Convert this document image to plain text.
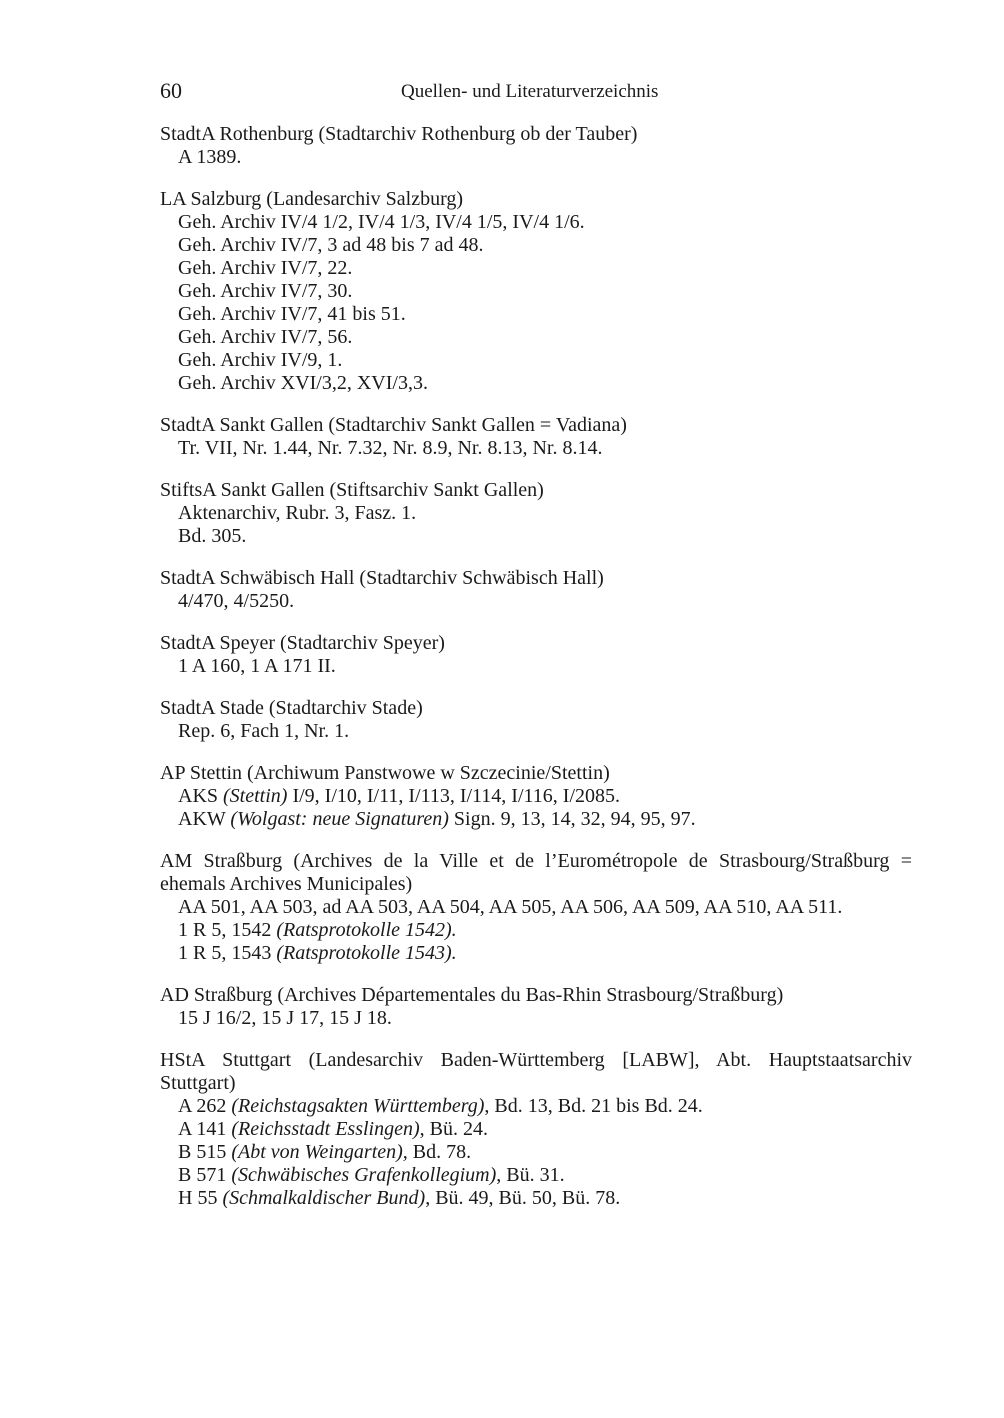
60	Quellen- und Literaturverzeichnis
StadtA Rothenburg (Stadtarchiv Rothenburg ob der Tauber)
A 1389.
LA Salzburg (Landesarchiv Salzburg)
Geh. Archiv IV/4 1/2, IV/4 1/3, IV/4 1/5, IV/4 1/6.
Geh. Archiv IV/7, 3 ad 48 bis 7 ad 48.
Geh. Archiv IV/7, 22.
Geh. Archiv IV/7, 30.
Geh. Archiv IV/7, 41 bis 51.
Geh. Archiv IV/7, 56.
Geh. Archiv IV/9, 1.
Geh. Archiv XVI/3,2, XVI/3,3.
StadtA Sankt Gallen (Stadtarchiv Sankt Gallen = Vadiana)
Tr. VII, Nr. 1.44, Nr. 7.32, Nr. 8.9, Nr. 8.13, Nr. 8.14.
StiftsA Sankt Gallen (Stiftsarchiv Sankt Gallen)
Aktenarchiv, Rubr. 3, Fasz. 1.
Bd. 305.
StadtA Schwäbisch Hall (Stadtarchiv Schwäbisch Hall)
4/470, 4/5250.
StadtA Speyer (Stadtarchiv Speyer)
1 A 160, 1 A 171 II.
StadtA Stade (Stadtarchiv Stade)
Rep. 6, Fach 1, Nr. 1.
AP Stettin (Archiwum Panstwowe w Szczecinie/Stettin)
AKS (Stettin) I/9, I/10, I/11, I/113, I/114, I/116, I/2085.
AKW (Wolgast: neue Signaturen) Sign. 9, 13, 14, 32, 94, 95, 97.
AM Straßburg (Archives de la Ville et de l’Eurométropole de Strasbourg/Straßburg = ehemals Archives Municipales)
AA 501, AA 503, ad AA 503, AA 504, AA 505, AA 506, AA 509, AA 510, AA 511.
1 R 5, 1542 (Ratsprotokolle 1542).
1 R 5, 1543 (Ratsprotokolle 1543).
AD Straßburg (Archives Départementales du Bas-Rhin Strasbourg/Straßburg)
15 J 16/2, 15 J 17, 15 J 18.
HStA Stuttgart (Landesarchiv Baden-Württemberg [LABW], Abt. Hauptstaatsarchiv Stuttgart)
A 262 (Reichstagsakten Württemberg), Bd. 13, Bd. 21 bis Bd. 24.
A 141 (Reichsstadt Esslingen), Bü. 24.
B 515 (Abt von Weingarten), Bd. 78.
B 571 (Schwäbisches Grafenkollegium), Bü. 31.
H 55 (Schmalkaldischer Bund), Bü. 49, Bü. 50, Bü. 78.
